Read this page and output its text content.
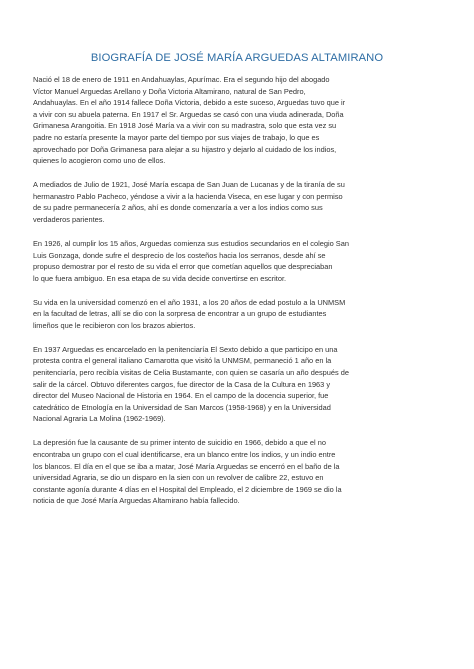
BIOGRAFÍA DE JOSÉ MARÍA ARGUEDAS ALTAMIRANO

Nació el 18 de enero de 1911 en Andahuaylas, Apurímac. Era el segundo hijo del abogado
Víctor Manuel Arguedas Arellano y Doña Victoria Altamirano, natural de San Pedro,
Andahuaylas. En el año 1914 fallece Doña Victoria, debido a este suceso, Arguedas tuvo que ir
a vivir con su abuela paterna. En 1917 el Sr. Arguedas se casó con una viuda adinerada, Doña
Grimanesa Arangoitia. En 1918 José María va a vivir con su madrastra, solo que esta vez su
padre no estaría presente la mayor parte del tiempo por sus viajes de trabajo, lo que es
aprovechado por Doña Grimanesa para alejar a su hijastro y dejarlo al cuidado de los indios,
quienes lo acogieron como uno de ellos.

A mediados de Julio de 1921, José María escapa de San Juan de Lucanas y de la tiranía de su
hermanastro Pablo Pacheco, yéndose a vivir a la hacienda Viseca, en ese lugar y con permiso
de su padre permanecería 2 años, ahí es donde comenzaría a ver a los indios como sus
verdaderos parientes.

En 1926, al cumplir los 15 años, Arguedas comienza sus estudios secundarios en el colegio San
Luis Gonzaga, donde sufre el desprecio de los costeños hacia los serranos, desde ahí se
propuso demostrar por el resto de su vida el error que cometían aquellos que despreciaban
lo que fuera ambiguo. En esa etapa de su vida decide convertirse en escritor.

Su vida en la universidad comenzó en el año 1931, a los 20 años de edad postulo a la UNMSM
en la facultad de letras, allí se dio con la sorpresa de encontrar a un grupo de estudiantes
limeños que le recibieron con los brazos abiertos.

En 1937 Arguedas es encarcelado en la penitenciaría El Sexto debido a que participo en una
protesta contra el general italiano Camarotta que visitó la UNMSM, permaneció 1 año en la
penitenciaría, pero recibía visitas de Celia Bustamante, con quien se casaría un año después de
salir de la cárcel. Obtuvo diferentes cargos, fue director de la Casa de la Cultura en 1963 y
director del Museo Nacional de Historia en 1964. En el campo de la docencia superior, fue
catedrático de Etnología en la Universidad de San Marcos (1958-1968) y en la Universidad
Nacional Agraria La Molina (1962-1969).

La depresión fue la causante de su primer intento de suicidio en 1966, debido a que el no
encontraba un grupo con el cual identificarse, era un blanco entre los indios, y un indio entre
los blancos. El día en el que se iba a matar, José María Arguedas se encerró en el baño de la
universidad Agraria, se dio un disparo en la sien con un revolver de calibre 22, estuvo en
constante agonía durante 4 días en el Hospital del Empleado, el 2 diciembre de 1969 se dio la
noticia de que José María Arguedas Altamirano había fallecido.
